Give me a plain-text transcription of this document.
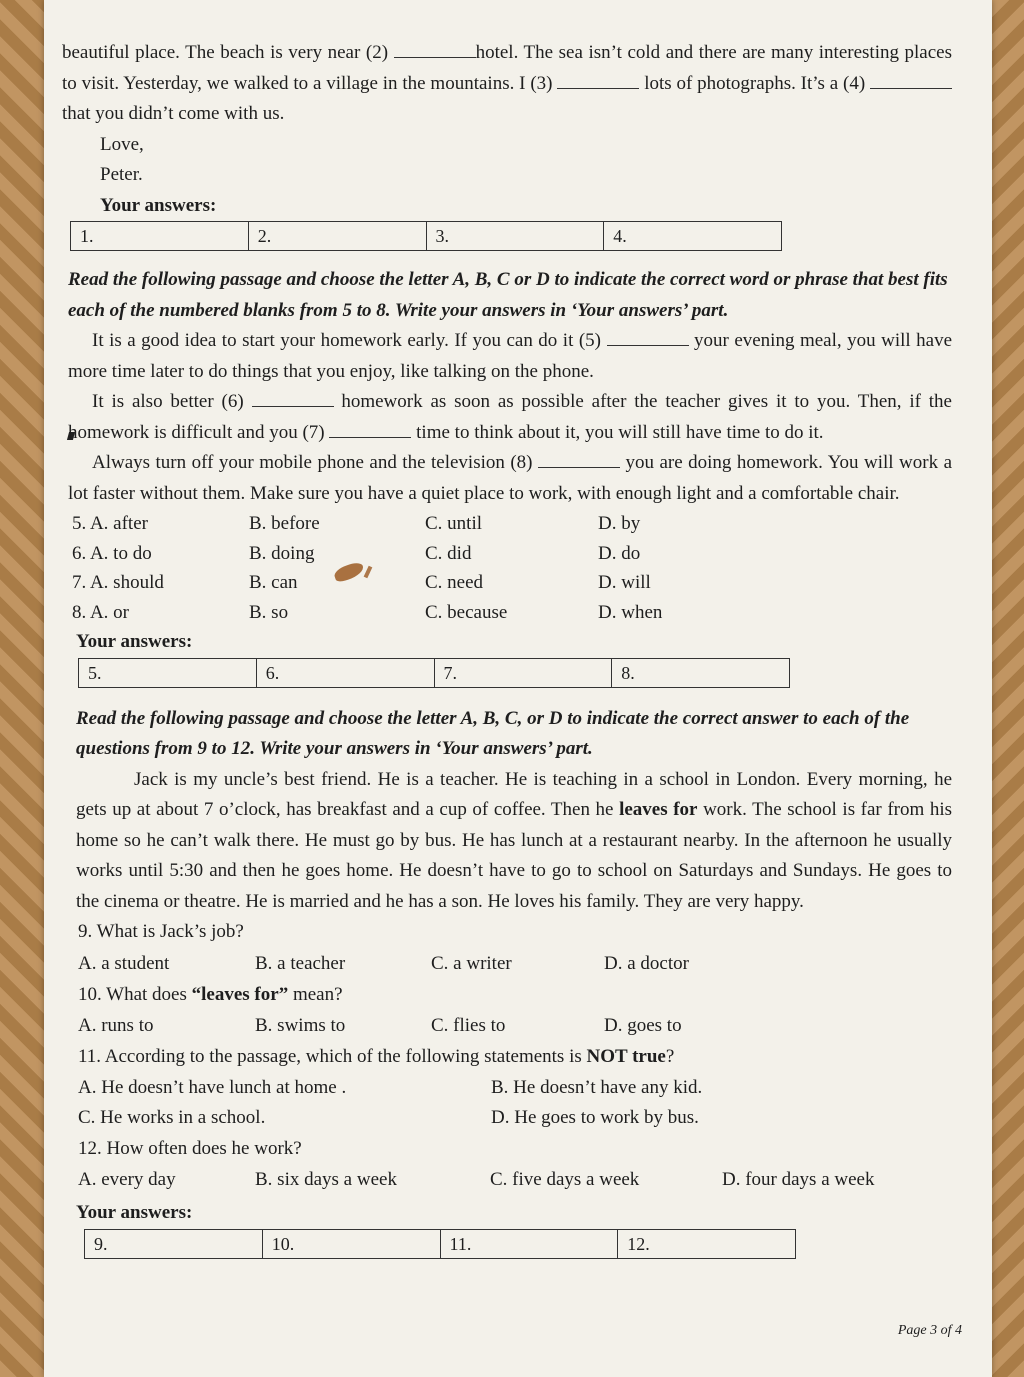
beautiful place. The beach is very near (2)	hotel. The sea isn’t cold and there are many interesting places to visit. Yesterday, we walked to a village in the mountains. I (3)	lots of photographs. It’s a (4)  that you didn’t come with us.

Love,

Peter.

Your answers:

1.	2.	3.	4.

Read the following passage and choose the letter A, B, C or D to indicate the correct word or phrase that best fits each of the numbered blanks from 5 to 8. Write your answers in ‘Your answers’ part.

It is a good idea to start your homework early. If you can do it (5)	your evening meal, you will have more time later to do things that you enjoy, like talking on the phone.

It is also better (6)	homework as soon as possible after the teacher gives it to you. Then, if the homework is difficult and you (7)	time to think about it, you will still have time to do it.

Always turn off your mobile phone and the television (8)	you are doing homework. You will work a lot faster without them. Make sure you have a quiet place to work, with enough light and a comfortable chair.

5. A. after	B. before	C. until	D. by
6. A. to do	B. doing	C. did	D. do
7. A. should	B. can	C. need	D. will
8. A. or	B. so	C. because	D. when

Your answers:

5.	6.	7.	8.

Read the following passage and choose the letter A, B, C, or D to indicate the correct answer to each of the questions from 9 to 12. Write your answers in ‘Your answers’ part.

Jack is my uncle’s best friend. He is a teacher. He is teaching in a school in London. Every morning, he gets up at about 7 o’clock, has breakfast and a cup of coffee. Then he leaves for work. The school is far from his home so he can’t walk there. He must go by bus. He has lunch at a restaurant nearby. In the afternoon he usually works until 5:30 and then he goes home. He doesn’t have to go to school on Saturdays and Sundays. He goes to the cinema or theatre. He is married and he has a son. He loves his family. They are very happy.

9. What is Jack’s job?

A. a student	B. a teacher	C. a writer	D. a doctor

10. What does “leaves for” mean?

A. runs to	B. swims to	C. flies to	D. goes to

11. According to the passage, which of the following statements is NOT true?

A. He doesn’t have lunch at home .	B. He doesn’t have any kid.
C. He works in a school.	D. He goes to work by bus.

12. How often does he work?

A. every day	B. six days a week	C. five days a week	D. four days a week

Your answers:

9.	10.	11.	12.
Page 3 of 4
